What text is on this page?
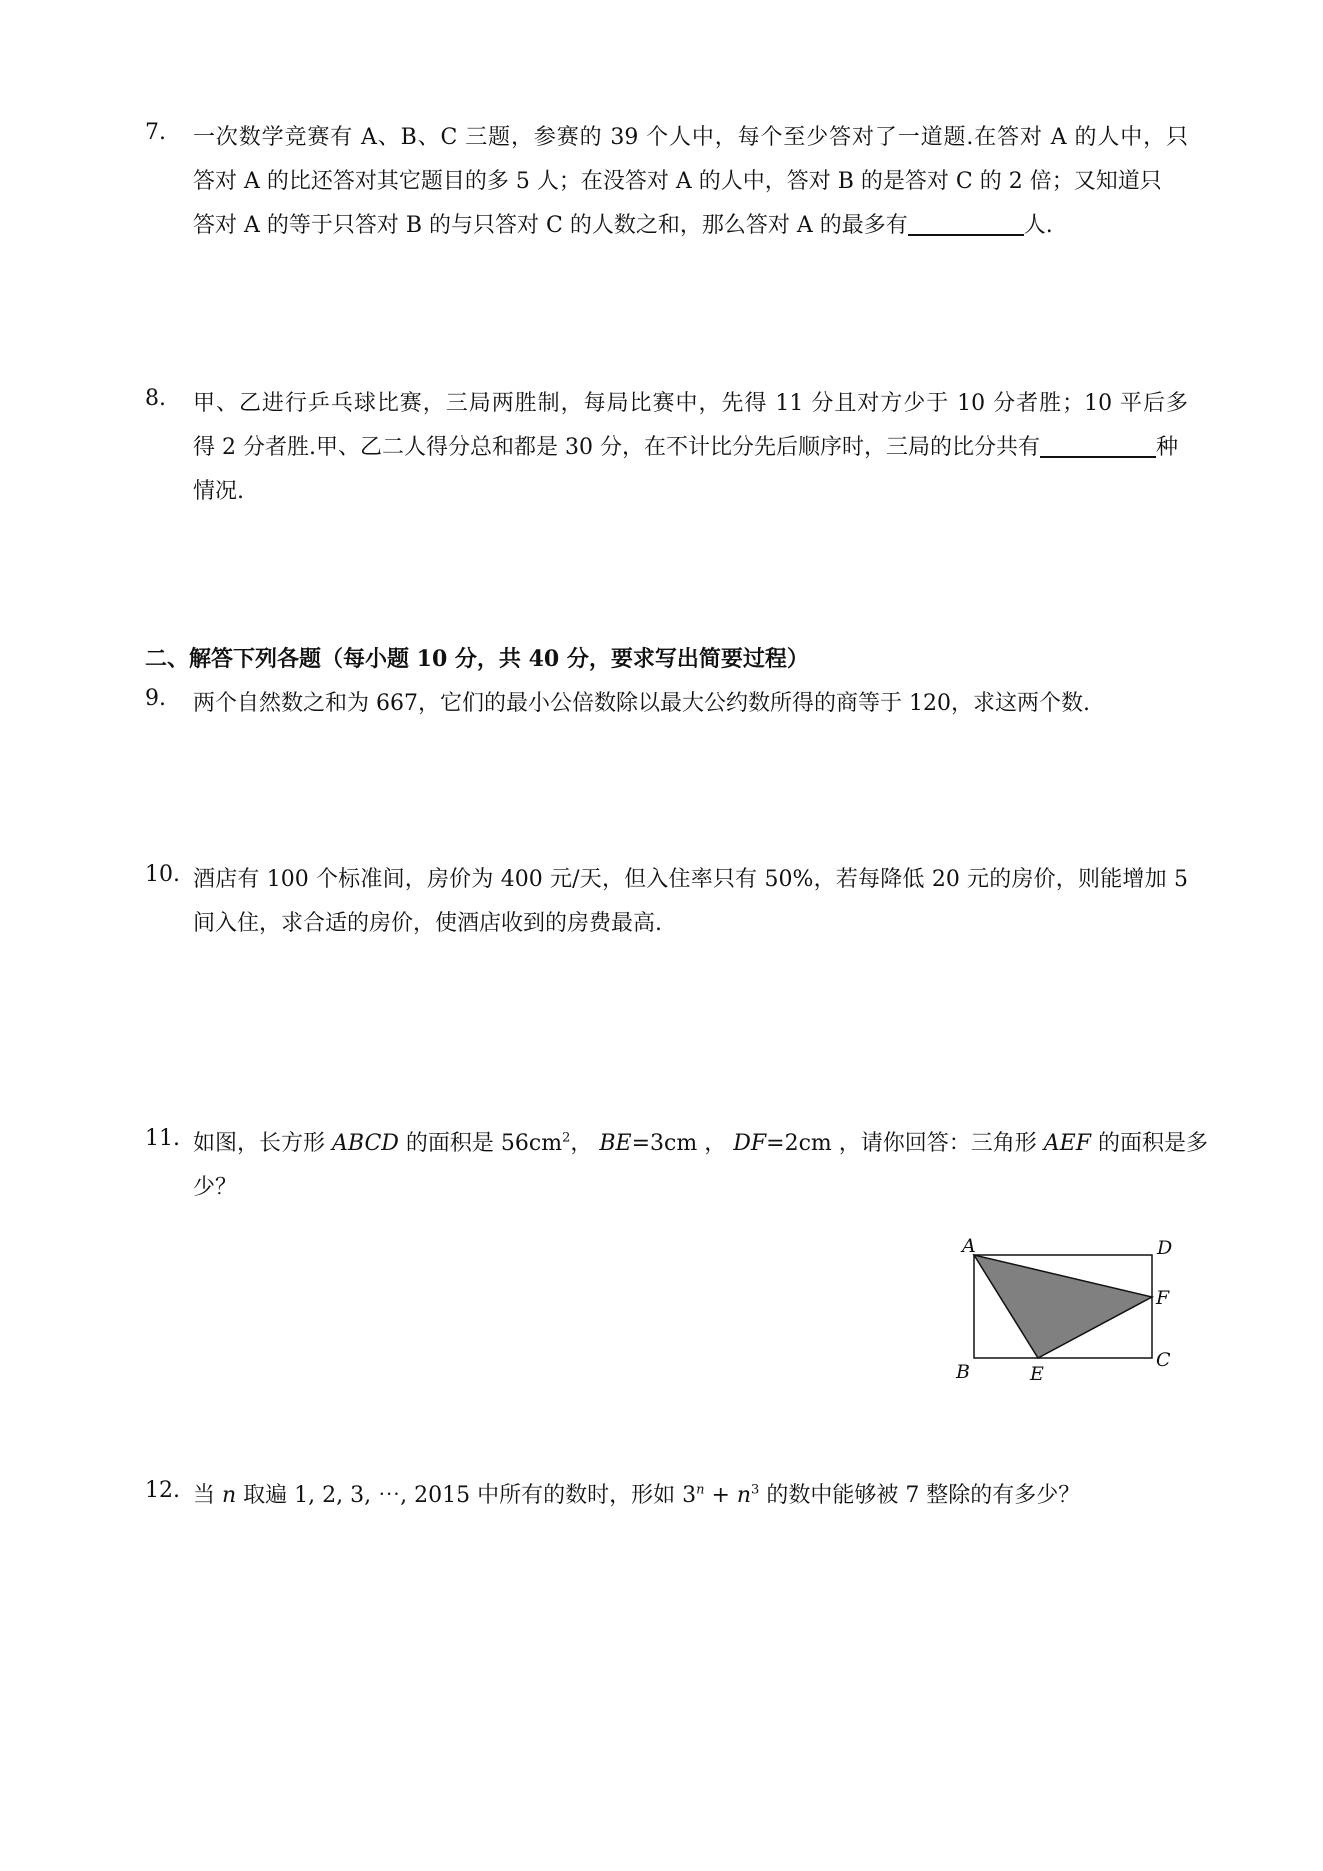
7.	一次数学竞赛有 A、B、C 三题，参赛的 39 个人中，每个至少答对了一道题.在答对 A 的人中，只
答对 A 的比还答对其它题目的多 5 人；在没答对 A 的人中，答对 B 的是答对 C 的 2 倍；又知道只
答对 A 的等于只答对 B 的与只答对 C 的人数之和，那么答对 A 的最多有	人.
8.	甲、乙进行乒乓球比赛，三局两胜制，每局比赛中，先得 11 分且对方少于 10 分者胜；10 平后多
得 2 分者胜.甲、乙二人得分总和都是 30 分，在不计比分先后顺序时，三局的比分共有	种
情况.
二、解答下列各题（每小题 10 分，共 40 分，要求写出简要过程）
9.	两个自然数之和为 667，它们的最小公倍数除以最大公约数所得的商等于 120，求这两个数.
10. 酒店有 100 个标准间，房价为 400 元/天，但入住率只有 50%，若每降低 20 元的房价，则能增加 5
间入住，求合适的房价，使酒店收到的房费最高.
11. 如图，长方形 ABCD 的面积是 $56cm^2$， BE=3cm ， DF=2cm ，请你回答：三角形 AEF 的面积是多
少？
A	D
F
C
B	E
12. 当 n 取遍 1, 2, 3, ⋯, 2015 中所有的数时，形如 $3^n + n^3$ 的数中能够被 7 整除的有多少？
